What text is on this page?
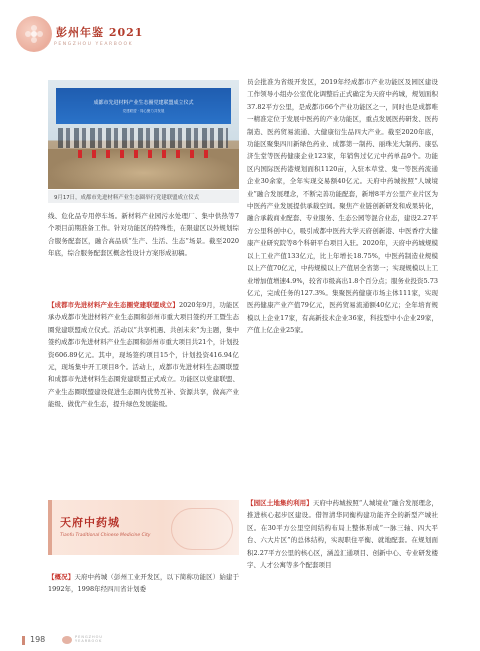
彭州年鉴 2021
PENGZHOU YEARBOOK
成都市先进材料产业生态圈党建联盟成立仪式
党建联盟 · 同心聚力共发展
9月17日，成都市先进材料产业生态圈举行党建联盟成立仪式

线、危化品专用停车场。新材料产业园污水处理厂、集中供热等7个项目前期准备工作。针对功能区的特殊性，在限建区以外规划综合服务配套区，融合高品质“生产、生活、生态”场景。截至2020年底，综合服务配套区概念性设计方案形成初稿。

【成都市先进材料产业生态圈党建联盟成立】2020年9月，功能区承办成都市先进材料产业生态圈和彭州市重大项目签约开工暨生态圈党建联盟成立仪式。活动以“共享机遇、共创未来”为主题，集中签约成都市先进材料产业生态圈和彭州市重大项目共21个，计划投资606.89亿元。其中，现场签约项目15个，计划投资416.94亿元，现场集中开工项目8个。活动上，成都市先进材料生态圈联盟和成都市先进材料生态圈党建联盟正式成立。功能区以党建联盟、产业生态圈联盟建设促进生态圈内优势互补、资源共享，做高产业能级、做优产业生态，提升绿色发展能级。

天府中药城
Tianfu Traditional Chinese Medicine City

【概况】天府中药城（彭州工业开发区，以下简称功能区）始建于1992年，1998年经四川省计划委

员会批准为省级开发区，2019年经成都市产业功能区及园区建设工作领导小组办公室优化调整后正式确定为天府中药城，规划面积37.82平方公里，是成都市66个产业功能区之一，同时也是成都唯一精准定位于发展中医药的产业功能区，重点发展医药研发、医药制造、医药贸易流通、大健康衍生品四大产业。截至2020年底，功能区聚集四川新绿色药业、成都第一制药、丽珠光大制药、康弘济生堂等医药健康企业123家，年销售过亿元中药单品9个。功能区内国际医药港规划面积1120亩，入驻本草堂、鬼一等医药流通企业30余家，全年实现交易额40亿元。天府中药城按照“人城境业”融合发展理念，不断完善功能配套，新增8平方公里产业片区为中医药产业发展提供承载空间。聚焦产业链创新研发和成果转化，融合承载商业配套、专业服务、生态公园等混合业态，建设2.27平方公里科创中心，吸引成都中医药大学天府创新港、中医香疗大健康产业研究院等8个科研平台项目入驻。2020年，天府中药城规模以上工业产值133亿元，比上年增长18.75%，中医药制造业规模以上产值70亿元，中药规模以上产值居全省第一；实现规模以上工业增加值增速4.9%，较省市级高出1.8个百分点；服务业投资5.73亿元，完成任务的127.3%。集聚医药健康市场主体111家，实现医药健康产业产值79亿元，医药贸易流通额40亿元；全年培育规模以上企业17家，有高新技术企业36家，科技型中小企业29家，产值上亿企业25家。

【园区土地集约利用】天府中药城按照“人城境业”融合发展理念，推进核心起步区建设。借智清华同衡构建功能齐全的新型产城社区。在30平方公里空间结构布局上整体形成“一脉三轴、四大平台、六大片区”的总体结构，实现职住平衡、就地配套。在规划面积2.27平方公里的核心区，涵盖汇通项目、创新中心、专业研发楼宇、人才公寓等多个配套项目

198	PENGZHOU
YEARBOOK
